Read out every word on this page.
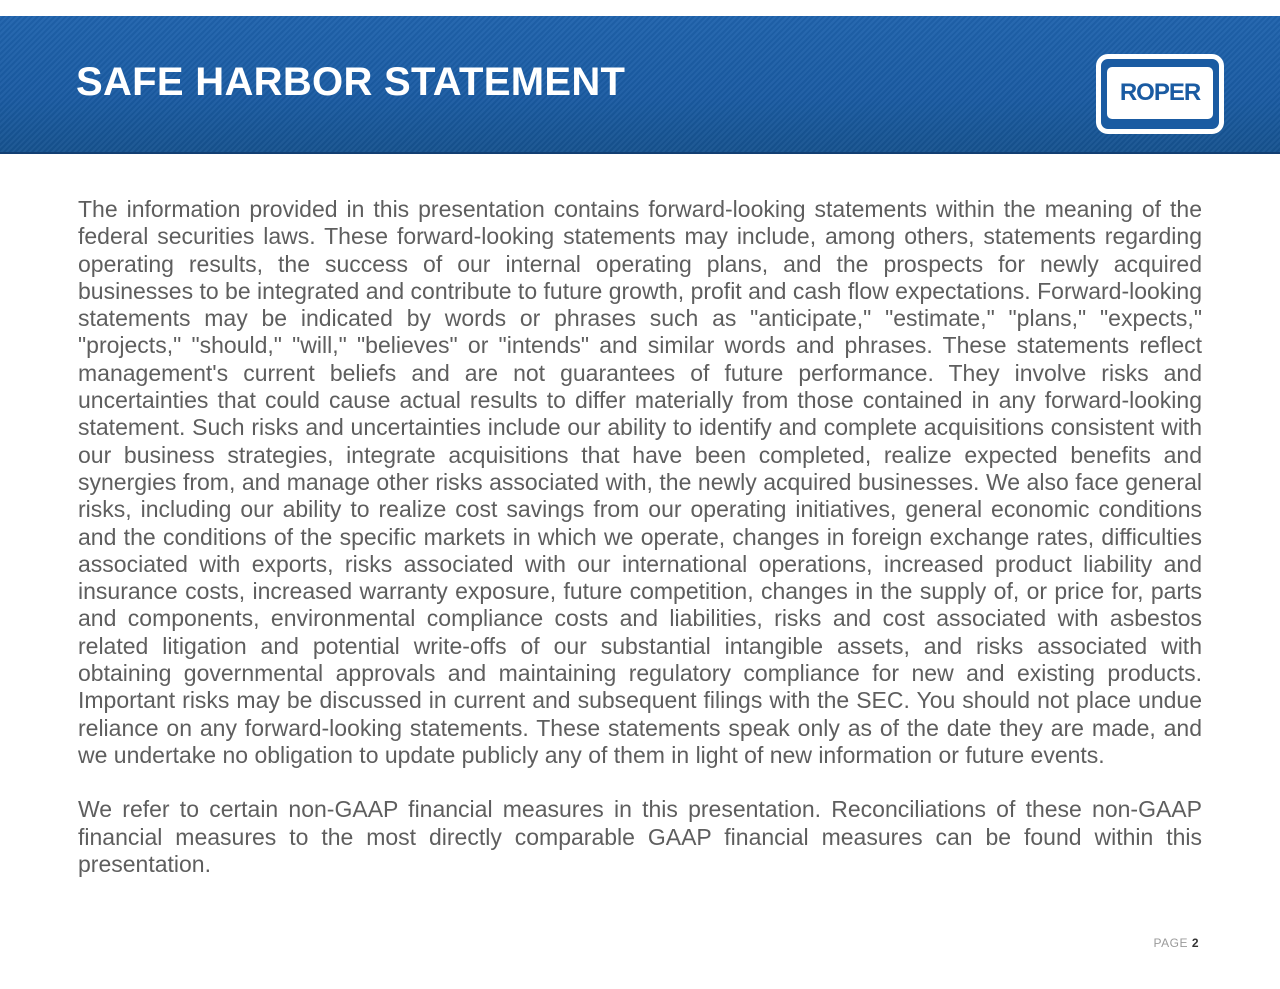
SAFE HARBOR STATEMENT	ROPER

The information provided in this presentation contains forward-looking statements within the meaning of the federal securities laws. These forward-looking statements may include, among others, statements regarding operating results, the success of our internal operating plans, and the prospects for newly acquired businesses to be integrated and contribute to future growth, profit and cash flow expectations. Forward-looking statements may be indicated by words or phrases such as "anticipate," "estimate," "plans," "expects," "projects," "should," "will," "believes" or "intends" and similar words and phrases. These statements reflect management's current beliefs and are not guarantees of future performance. They involve risks and uncertainties that could cause actual results to differ materially from those contained in any forward-looking statement. Such risks and uncertainties include our ability to identify and complete acquisitions consistent with our business strategies, integrate acquisitions that have been completed, realize expected benefits and synergies from, and manage other risks associated with, the newly acquired businesses. We also face general risks, including our ability to realize cost savings from our operating initiatives, general economic conditions and the conditions of the specific markets in which we operate, changes in foreign exchange rates, difficulties associated with exports, risks associated with our international operations, increased product liability and insurance costs, increased warranty exposure, future competition, changes in the supply of, or price for, parts and components, environmental compliance costs and liabilities, risks and cost associated with asbestos related litigation and potential write-offs of our substantial intangible assets, and risks associated with obtaining governmental approvals and maintaining regulatory compliance for new and existing products. Important risks may be discussed in current and subsequent filings with the SEC. You should not place undue reliance on any forward-looking statements. These statements speak only as of the date they are made, and we undertake no obligation to update publicly any of them in light of new information or future events.

We refer to certain non-GAAP financial measures in this presentation. Reconciliations of these non-GAAP financial measures to the most directly comparable GAAP financial measures can be found within this presentation.

PAGE 2
